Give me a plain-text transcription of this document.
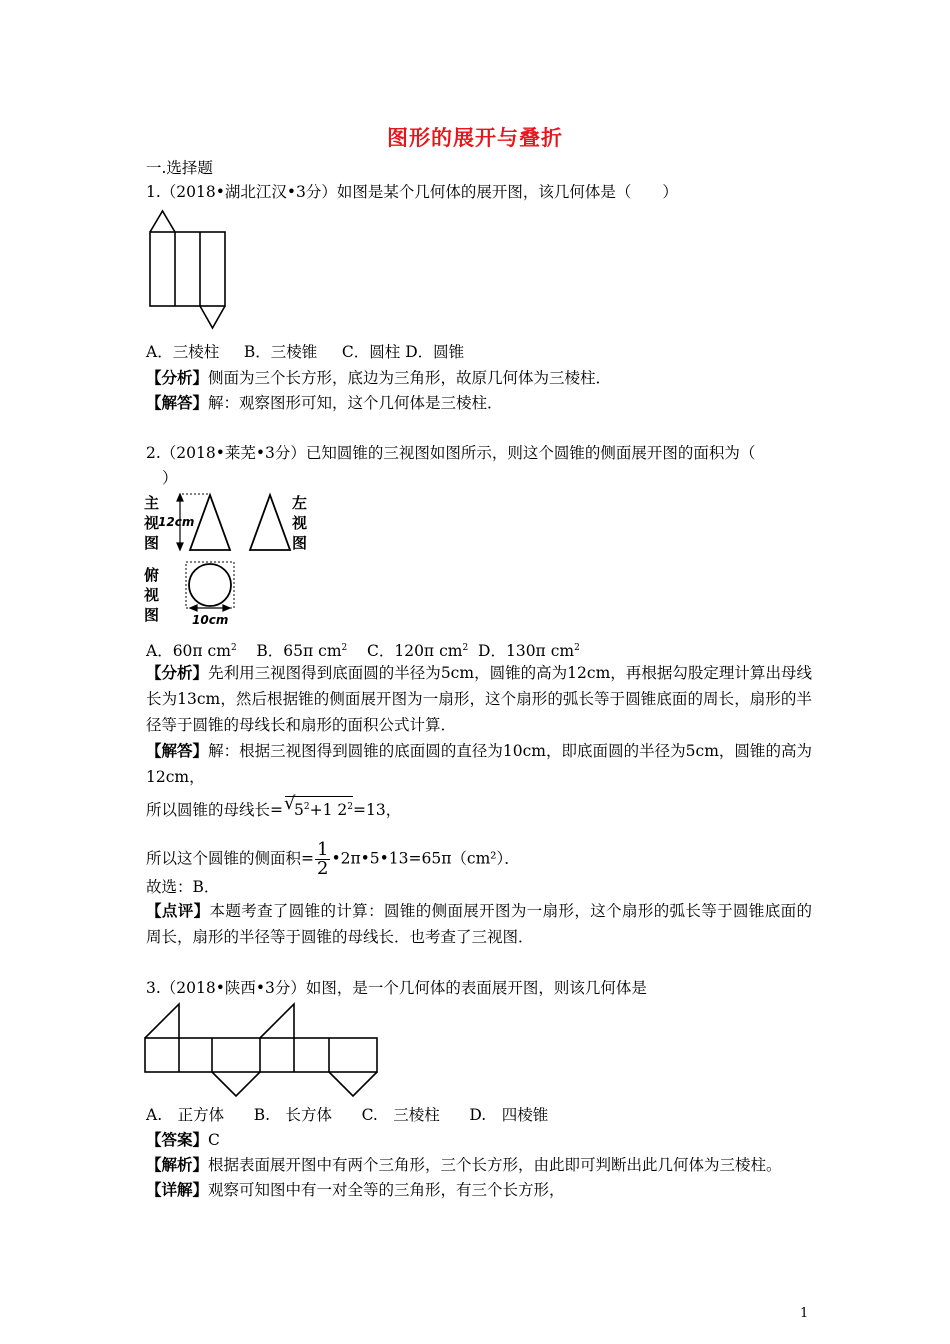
图形的展开与叠折
一.选择题
1.（2018•湖北江汉•3分）如图是某个几何体的展开图，该几何体是（　　）
A．三棱柱 B．三棱锥 C．圆柱 D．圆锥
【分析】侧面为三个长方形，底边为三角形，故原几何体为三棱柱．
【解答】解：观察图形可知，这个几何体是三棱柱．
2.（2018•莱芜•3分）已知圆锥的三视图如图所示，则这个圆锥的侧面展开图的面积为（
）
主
视
图
左
视
图
俯
视
图
12cm
10cm
A．60π $cm^2$ B．65π $cm^2$ C．120π $cm^2$ D．130π $cm^2$
【分析】先利用三视图得到底面圆的半径为5cm，圆锥的高为12cm，再根据勾股定理计算出母线长为13cm，然后根据锥的侧面展开图为一扇形，这个扇形的弧长等于圆锥底面的周长，扇形的半径等于圆锥的母线长和扇形的面积公式计算．
【解答】解：根据三视图得到圆锥的底面圆的直径为10cm，即底面圆的半径为5cm，圆锥的高为12cm，
所以圆锥的母线长= √
$5^2+1$ $2^2=13$，
所以这个圆锥的侧面积= $\frac{1}{2}$ •2π•5•13=65π（cm²）．
故选：B．
【点评】本题考查了圆锥的计算：圆锥的侧面展开图为一扇形，这个扇形的弧长等于圆锥底面的周长，扇形的半径等于圆锥的母线长．也考查了三视图．
3.（2018•陕西•3分）如图，是一个几何体的表面展开图，则该几何体是
A.　正方体 B.　长方体 C.　三棱柱 D.　四棱锥
【答案】C
【解析】根据表面展开图中有两个三角形，三个长方形，由此即可判断出此几何体为三棱柱。
【详解】观察可知图中有一对全等的三角形，有三个长方形，
1
